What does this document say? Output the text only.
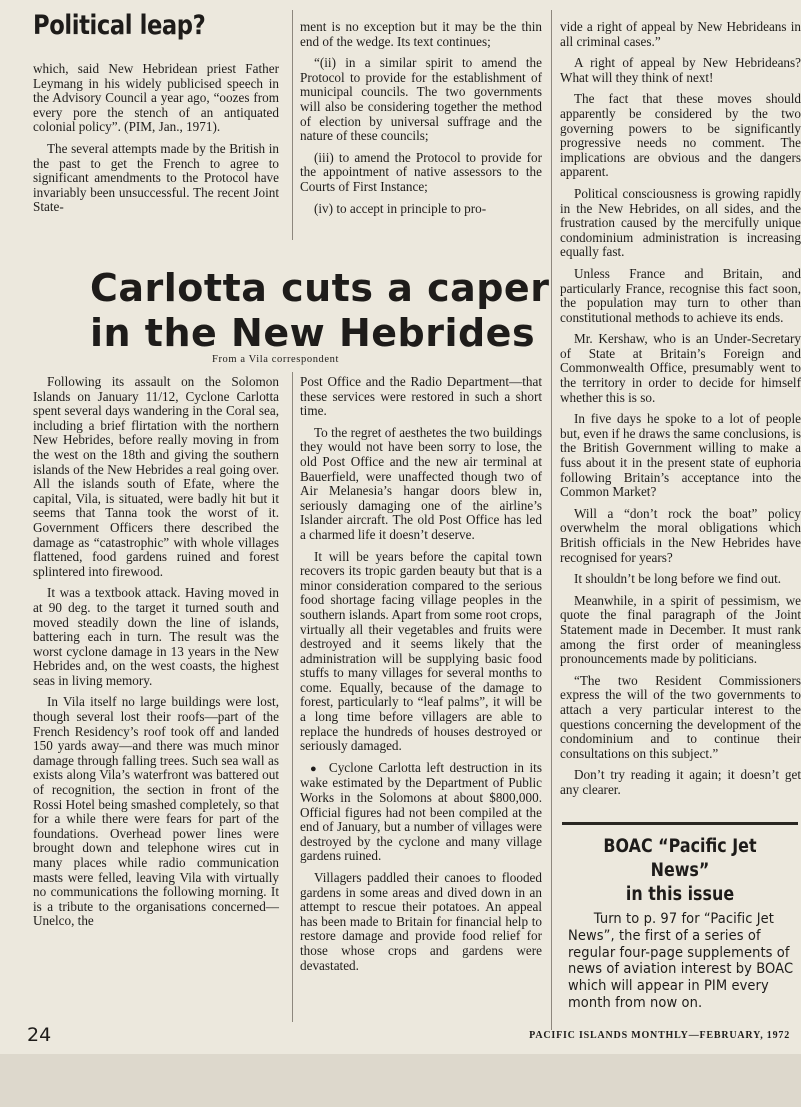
Political leap?

which, said New Hebridean priest Father Leymang in his widely publicised speech in the Advisory Council a year ago, “oozes from every pore the stench of an antiquated colonial policy”. (PIM, Jan., 1971).

The several attempts made by the British in the past to get the French to agree to significant amendments to the Protocol have invariably been unsuccessful. The recent Joint State-

ment is no exception but it may be the thin end of the wedge. Its text continues;

“(ii) in a similar spirit to amend the Protocol to provide for the establishment of municipal councils. The two governments will also be considering together the method of election by universal suffrage and the nature of these councils;

(iii) to amend the Protocol to provide for the appointment of native assessors to the Courts of First Instance;

(iv) to accept in principle to pro-

vide a right of appeal by New Hebrideans in all criminal cases.”

A right of appeal by New Hebrideans? What will they think of next!

The fact that these moves should apparently be considered by the two governing powers to be significantly progressive needs no comment. The implications are obvious and the dangers apparent.

Political consciousness is growing rapidly in the New Hebrides, on all sides, and the frustration caused by the mercifully unique condominium administration is increasing equally fast.

Unless France and Britain, and particularly France, recognise this fact soon, the population may turn to other than constitutional methods to achieve its ends.

Mr. Kershaw, who is an Under-Secretary of State at Britain’s Foreign and Commonwealth Office, presumably went to the territory in order to decide for himself whether this is so.

In five days he spoke to a lot of people but, even if he draws the same conclusions, is the British Government willing to make a fuss about it in the present state of euphoria following Britain’s acceptance into the Common Market?

Will a “don’t rock the boat” policy overwhelm the moral obligations which British officials in the New Hebrides have recognised for years?

It shouldn’t be long before we find out.

Meanwhile, in a spirit of pessimism, we quote the final paragraph of the Joint Statement made in December. It must rank among the first order of meaningless pronouncements made by politicians.

“The two Resident Commissioners express the will of the two governments to attach a very particular interest to the questions concerning the development of the condominium and to continue their consultations on this subject.”

Don’t try reading it again; it doesn’t get any clearer.

Carlotta cuts a caper
in the New Hebrides
From a Vila correspondent

Following its assault on the Solomon Islands on January 11/12, Cyclone Carlotta spent several days wandering in the Coral sea, including a brief flirtation with the northern New Hebrides, before really moving in from the west on the 18th and giving the southern islands of the New Hebrides a real going over. All the islands south of Efate, where the capital, Vila, is situated, were badly hit but it seems that Tanna took the worst of it. Government Officers there described the damage as “catastrophic” with whole villages flattened, food gardens ruined and forest splintered into firewood.

It was a textbook attack. Having moved in at 90 deg. to the target it turned south and moved steadily down the line of islands, battering each in turn. The result was the worst cyclone damage in 13 years in the New Hebrides and, on the west coasts, the highest seas in living memory.

In Vila itself no large buildings were lost, though several lost their roofs—part of the French Residency’s roof took off and landed 150 yards away—and there was much minor damage through falling trees. Such sea wall as exists along Vila’s waterfront was battered out of recognition, the section in front of the Rossi Hotel being smashed completely, so that for a while there were fears for part of the foundations. Overhead power lines were brought down and telephone wires cut in many places while radio communication masts were felled, leaving Vila with virtually no communications the following morning. It is a tribute to the organisations concerned—Unelco, the

Post Office and the Radio Department—that these services were restored in such a short time.

To the regret of aesthetes the two buildings they would not have been sorry to lose, the old Post Office and the new air terminal at Bauerfield, were unaffected though two of Air Melanesia’s hangar doors blew in, seriously damaging one of the airline’s Islander aircraft. The old Post Office has led a charmed life it doesn’t deserve.

It will be years before the capital town recovers its tropic garden beauty but that is a minor consideration compared to the serious food shortage facing village peoples in the southern islands. Apart from some root crops, virtually all their vegetables and fruits were destroyed and it seems likely that the administration will be supplying basic food stuffs to many villages for several months to come. Equally, because of the damage to forest, particularly to “leaf palms”, it will be a long time before villagers are able to replace the hundreds of houses destroyed or seriously damaged.

●  Cyclone Carlotta left destruction in its wake estimated by the Department of Public Works in the Solomons at about $800,000. Official figures had not been compiled at the end of January, but a number of villages were destroyed by the cyclone and many village gardens ruined.

Villagers paddled their canoes to flooded gardens in some areas and dived down in an attempt to rescue their potatoes. An appeal has been made to Britain for financial help to restore damage and provide food relief for those whose crops and gardens were devastated.

BOAC “Pacific Jet News”
in this issue
Turn to p. 97 for “Pacific Jet News”, the first of a series of regular four-page supplements of news of aviation interest by BOAC which will appear in PIM every month from now on.
24	PACIFIC ISLANDS MONTHLY—FEBRUARY, 1972
